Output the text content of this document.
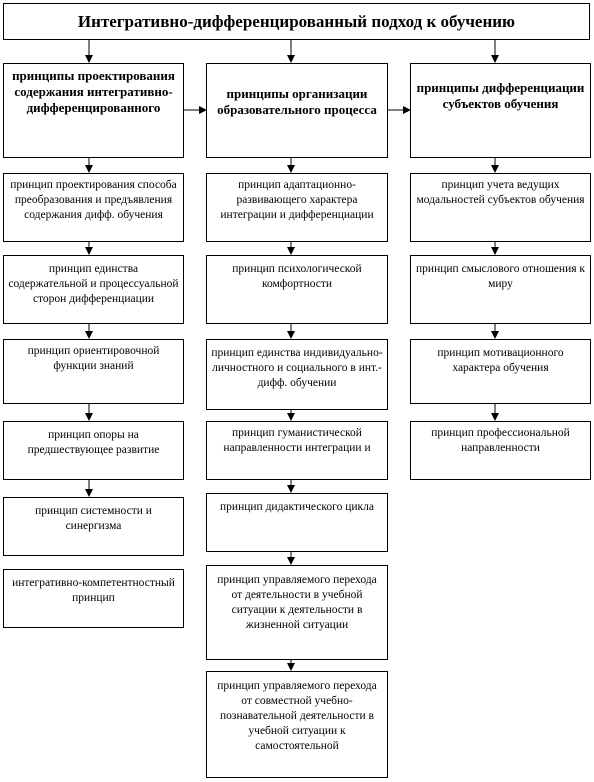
Интегративно-дифференцированный подход к обучению
принципы проектирования содержания интегративно-дифференцированного
принципы организации образовательного процесса
принципы дифференциации субъектов обучения
принцип проектирования способа преобразования и предъявления содержания дифф. обучения
принцип единства содержательной и процессуальной сторон дифференциации
принцип ориентировочной функции знаний
принцип опоры на предшествующее развитие
принцип системности и синергизма
интегративно-компетентностный принцип
принцип адаптационно-развивающего характера интеграции и дифференциации
принцип психологической комфортности
принцип единства индивидуально-личностного и социального в инт.-дифф. обучении
принцип гуманистической направленности интеграции и
принцип дидактического цикла
принцип управляемого перехода от деятельности в учебной ситуации к деятельности в жизненной ситуации
принцип управляемого перехода от совместной учебно-познавательной деятельности в учебной ситуации к самостоятельной
принцип учета ведущих модальностей субъектов обучения
принцип смыслового отношения к миру
принцип мотивационного характера обучения
принцип профессиональной направленности
